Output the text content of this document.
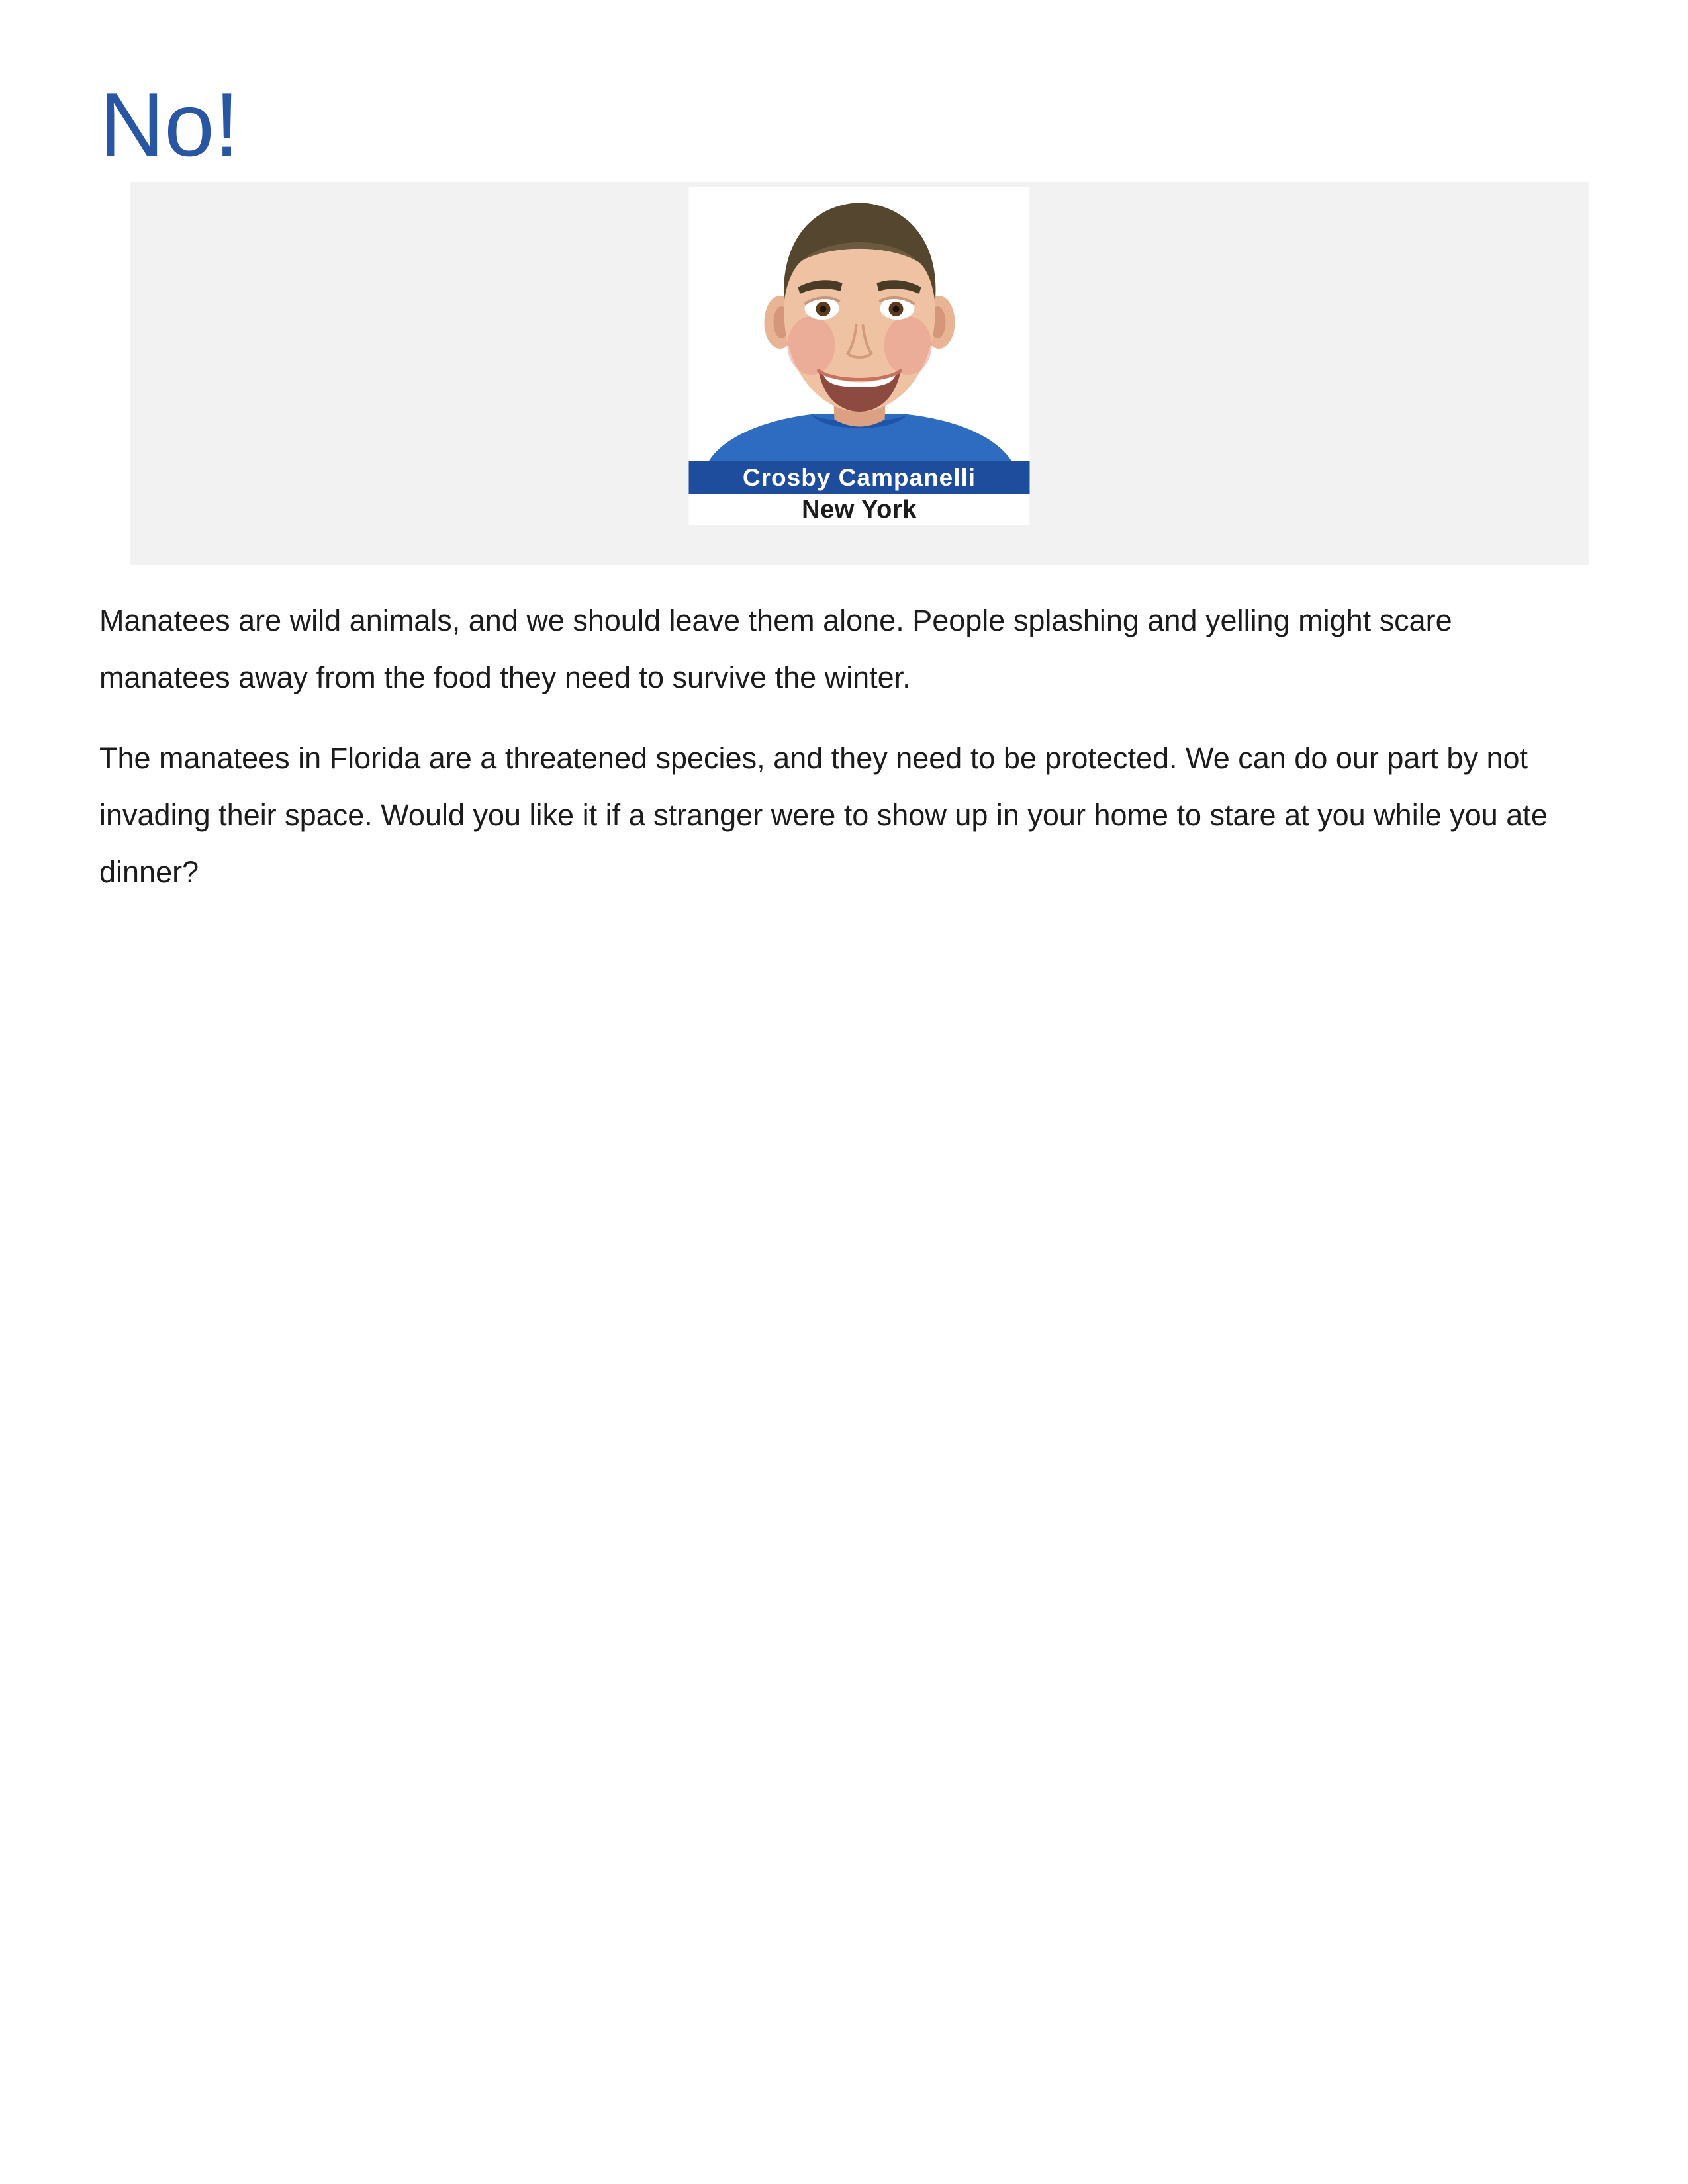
No!
Crosby Campanelli
New York

Manatees are wild animals, and we should leave them alone. People splashing and yelling might scare manatees away from the food they need to survive the winter.

The manatees in Florida are a threatened species, and they need to be protected. We can do our part by not invading their space. Would you like it if a stranger were to show up in your home to stare at you while you ate dinner?
